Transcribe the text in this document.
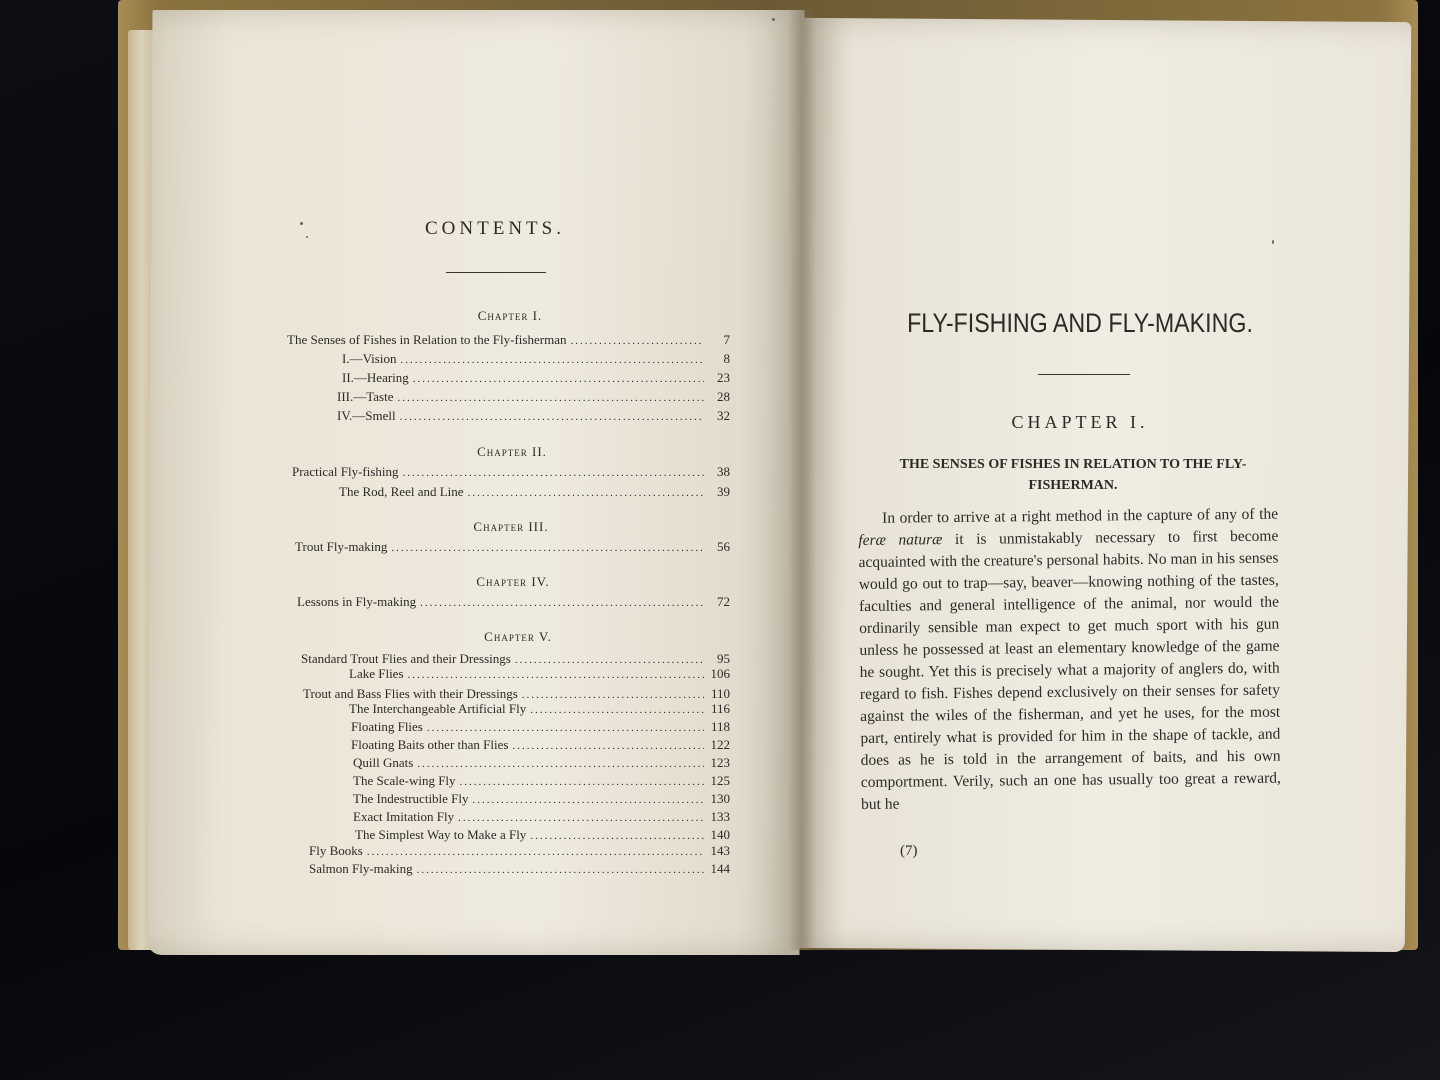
CONTENTS.
Chapter I.
The Senses of Fishes in Relation to the Fly-fisherman .....	7
I.—Vision .....	8
II.—Hearing .....	23
III.—Taste .....	28
IV.—Smell .....	32
Chapter II.
Practical Fly-fishing .....	38
The Rod, Reel and Line .....	39
Chapter III.
Trout Fly-making .....	56
Chapter IV.
Lessons in Fly-making .....	72
Chapter V.
Standard Trout Flies and their Dressings .....	95
Lake Flies .....	106
Trout and Bass Flies with their Dressings .....	110
The Interchangeable Artificial Fly .....	116
Floating Flies .....	118
Floating Baits other than Flies .....	122
Quill Gnats .....	123
The Scale-wing Fly .....	125
The Indestructible Fly .....	130
Exact Imitation Fly .....	133
The Simplest Way to Make a Fly .....	140
Fly Books .....	143
Salmon Fly-making .....	144
FLY-FISHING AND FLY-MAKING.
CHAPTER I.
THE SENSES OF FISHES IN RELATION TO THE FLY-FISHERMAN.

In order to arrive at a right method in the capture of any of the feræ naturæ it is unmistakably necessary to first become acquainted with the creature's personal habits. No man in his senses would go out to trap—say, beaver—knowing nothing of the tastes, faculties and general intelligence of the animal, nor would the ordinarily sensible man expect to get much sport with his gun unless he possessed at least an elementary knowledge of the game he sought. Yet this is precisely what a majority of anglers do, with regard to fish. Fishes depend exclusively on their senses for safety against the wiles of the fisherman, and yet he uses, for the most part, entirely what is provided for him in the shape of tackle, and does as he is told in the arrangement of baits, and his own comportment. Verily, such an one has usually too great a reward, but he

(7)
